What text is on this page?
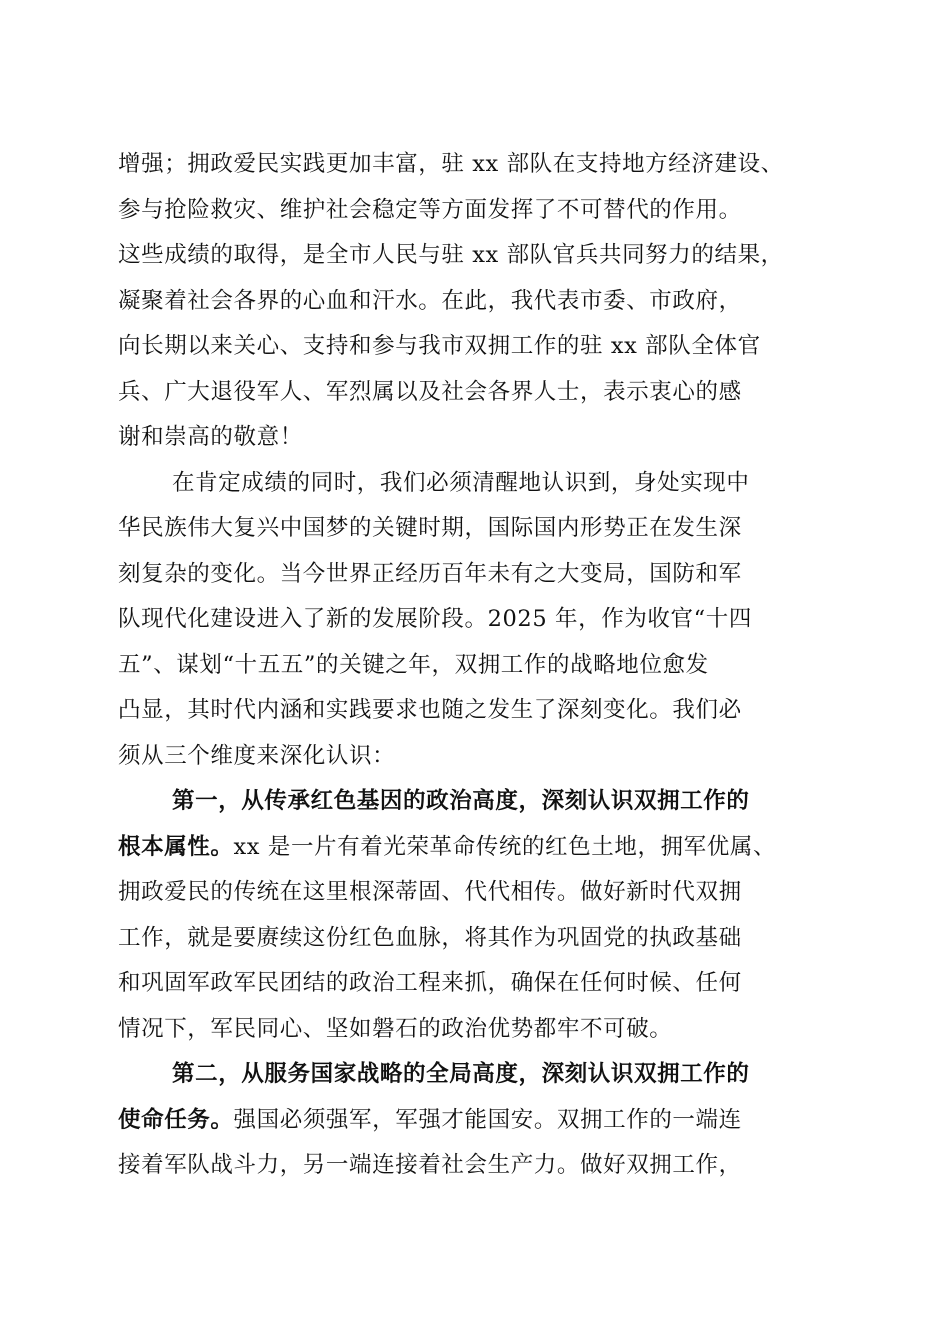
增强；拥政爱民实践更加丰富，驻 xx 部队在支持地方经济建设、
参与抢险救灾、维护社会稳定等方面发挥了不可替代的作用。
这些成绩的取得，是全市人民与驻 xx 部队官兵共同努力的结果，
凝聚着社会各界的心血和汗水。在此，我代表市委、市政府，
向长期以来关心、支持和参与我市双拥工作的驻 xx 部队全体官
兵、广大退役军人、军烈属以及社会各界人士，表示衷心的感
谢和崇高的敬意！
在肯定成绩的同时，我们必须清醒地认识到，身处实现中
华民族伟大复兴中国梦的关键时期，国际国内形势正在发生深
刻复杂的变化。当今世界正经历百年未有之大变局，国防和军
队现代化建设进入了新的发展阶段。2025 年，作为收官“十四
五”、谋划“十五五”的关键之年，双拥工作的战略地位愈发
凸显，其时代内涵和实践要求也随之发生了深刻变化。我们必
须从三个维度来深化认识：
第一，从传承红色基因的政治高度，深刻认识双拥工作的
根本属性。xx 是一片有着光荣革命传统的红色土地，拥军优属、
拥政爱民的传统在这里根深蒂固、代代相传。做好新时代双拥
工作，就是要赓续这份红色血脉，将其作为巩固党的执政基础
和巩固军政军民团结的政治工程来抓，确保在任何时候、任何
情况下，军民同心、坚如磐石的政治优势都牢不可破。
第二，从服务国家战略的全局高度，深刻认识双拥工作的
使命任务。强国必须强军，军强才能国安。双拥工作的一端连
接着军队战斗力，另一端连接着社会生产力。做好双拥工作，
